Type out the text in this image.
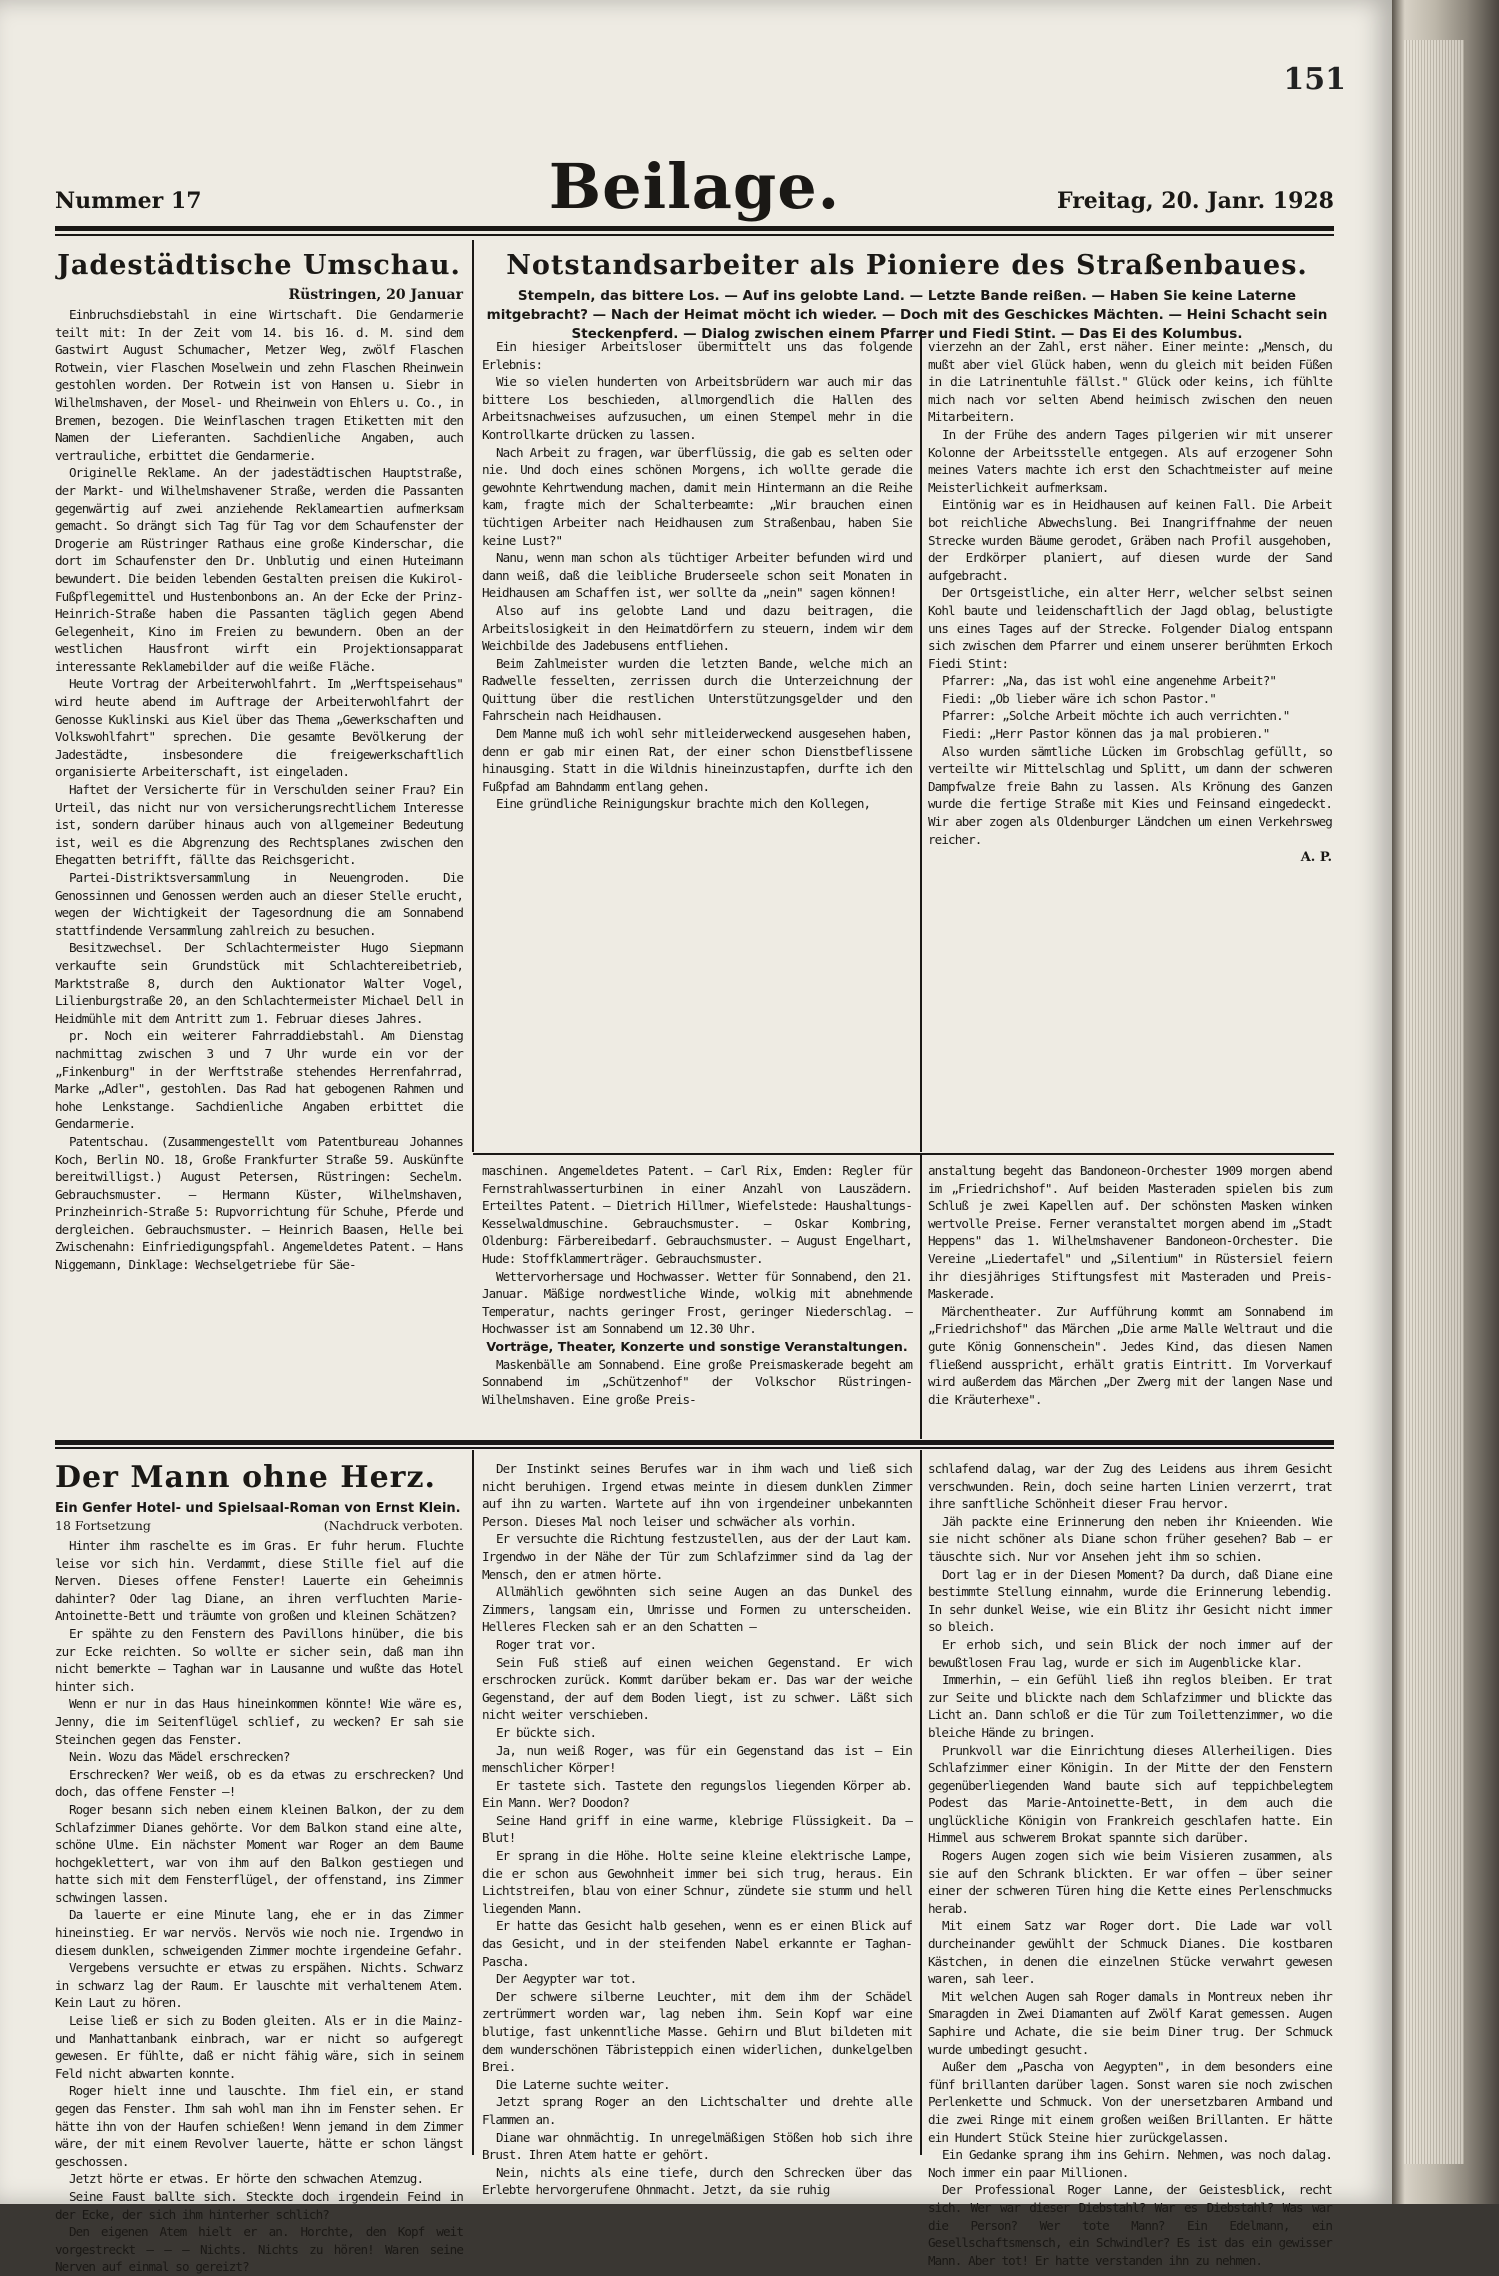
151
Nummer 17	Beilage.	Freitag, 20. Janr. 1928
Jadestädtische Umschau.
Rüstringen, 20 Januar

Einbruchsdiebstahl in eine Wirtschaft. Die Gendarmerie teilt mit: In der Zeit vom 14. bis 16. d. M. sind dem Gastwirt August Schumacher, Metzer Weg, zwölf Flaschen Rotwein, vier Flaschen Moselwein und zehn Flaschen Rheinwein gestohlen worden. Der Rotwein ist von Hansen u. Siebr in Wilhelmshaven, der Mosel- und Rheinwein von Ehlers u. Co., in Bremen, bezogen. Die Weinflaschen tragen Etiketten mit den Namen der Lieferanten. Sachdienliche Angaben, auch vertrauliche, erbittet die Gendarmerie.

Originelle Reklame. An der jadestädtischen Hauptstraße, der Markt- und Wilhelmshavener Straße, werden die Passanten gegenwärtig auf zwei anziehende Reklameartien aufmerksam gemacht. So drängt sich Tag für Tag vor dem Schaufenster der Drogerie am Rüstringer Rathaus eine große Kinderschar, die dort im Schaufenster den Dr. Unblutig und einen Huteimann bewundert. Die beiden lebenden Gestalten preisen die Kukirol-Fußpflegemittel und Hustenbonbons an. An der Ecke der Prinz-Heinrich-Straße haben die Passanten täglich gegen Abend Gelegenheit, Kino im Freien zu bewundern. Oben an der westlichen Hausfront wirft ein Projektionsapparat interessante Reklamebilder auf die weiße Fläche.

Heute Vortrag der Arbeiterwohlfahrt. Im „Werftspeisehaus" wird heute abend im Auftrage der Arbeiterwohlfahrt der Genosse Kuklinski aus Kiel über das Thema „Gewerkschaften und Volkswohlfahrt" sprechen. Die gesamte Bevölkerung der Jadestädte, insbesondere die freigewerkschaftlich organisierte Arbeiterschaft, ist eingeladen.

Haftet der Versicherte für in Verschulden seiner Frau? Ein Urteil, das nicht nur von versicherungsrechtlichem Interesse ist, sondern darüber hinaus auch von allgemeiner Bedeutung ist, weil es die Abgrenzung des Rechtsplanes zwischen den Ehegatten betrifft, fällte das Reichsgericht.

Partei-Distriktsversammlung in Neuengroden. Die Genossinnen und Genossen werden auch an dieser Stelle erucht, wegen der Wichtigkeit der Tagesordnung die am Sonnabend stattfindende Versammlung zahlreich zu besuchen.

Besitzwechsel. Der Schlachtermeister Hugo Siepmann verkaufte sein Grundstück mit Schlachtereibetrieb, Marktstraße 8, durch den Auktionator Walter Vogel, Lilienburgstraße 20, an den Schlachtermeister Michael Dell in Heidmühle mit dem Antritt zum 1. Februar dieses Jahres.

pr. Noch ein weiterer Fahrraddiebstahl. Am Dienstag nachmittag zwischen 3 und 7 Uhr wurde ein vor der „Finkenburg" in der Werftstraße stehendes Herrenfahrrad, Marke „Adler", gestohlen. Das Rad hat gebogenen Rahmen und hohe Lenkstange. Sachdienliche Angaben erbittet die Gendarmerie.

Patentschau. (Zusammengestellt vom Patentbureau Johannes Koch, Berlin NO. 18, Große Frankfurter Straße 59. Auskünfte bereitwilligst.) August Petersen, Rüstringen: Sechelm. Gebrauchsmuster. — Hermann Küster, Wilhelmshaven, Prinzheinrich-Straße 5: Rupvorrichtung für Schuhe, Pferde und dergleichen. Gebrauchsmuster. — Heinrich Baasen, Helle bei Zwischenahn: Einfriedigungspfahl. Angemeldetes Patent. — Hans Niggemann, Dinklage: Wechselgetriebe für Säe-

Notstandsarbeiter als Pioniere des Straßenbaues.
Stempeln, das bittere Los. — Auf ins gelobte Land. — Letzte Bande reißen. — Haben Sie keine Laterne mitgebracht? — Nach der Heimat möcht ich wieder. — Doch mit des Geschickes Mächten. — Heini Schacht sein Steckenpferd. — Dialog zwischen einem Pfarrer und Fiedi Stint. — Das Ei des Kolumbus.

Ein hiesiger Arbeitsloser übermittelt uns das folgende Erlebnis:

Wie so vielen hunderten von Arbeitsbrüdern war auch mir das bittere Los beschieden, allmorgendlich die Hallen des Arbeitsnachweises aufzusuchen, um einen Stempel mehr in die Kontrollkarte drücken zu lassen.

Nach Arbeit zu fragen, war überflüssig, die gab es selten oder nie. Und doch eines schönen Morgens, ich wollte gerade die gewohnte Kehrtwendung machen, damit mein Hintermann an die Reihe kam, fragte mich der Schalterbeamte: „Wir brauchen einen tüchtigen Arbeiter nach Heidhausen zum Straßenbau, haben Sie keine Lust?"

Nanu, wenn man schon als tüchtiger Arbeiter befunden wird und dann weiß, daß die leibliche Bruderseele schon seit Monaten in Heidhausen am Schaffen ist, wer sollte da „nein" sagen können!

Also auf ins gelobte Land und dazu beitragen, die Arbeitslosigkeit in den Heimatdörfern zu steuern, indem wir dem Weichbilde des Jadebusens entfliehen.

Beim Zahlmeister wurden die letzten Bande, welche mich an Radwelle fesselten, zerrissen durch die Unterzeichnung der Quittung über die restlichen Unterstützungsgelder und den Fahrschein nach Heidhausen.

Dem Manne muß ich wohl sehr mitleiderweckend ausgesehen haben, denn er gab mir einen Rat, der einer schon Dienstbeflissene hinausging. Statt in die Wildnis hineinzustapfen, durfte ich den Fußpfad am Bahndamm entlang gehen.

Eine gründliche Reinigungskur brachte mich den Kollegen,

vierzehn an der Zahl, erst näher. Einer meinte: „Mensch, du mußt aber viel Glück haben, wenn du gleich mit beiden Füßen in die Latrinentuhle fällst." Glück oder keins, ich fühlte mich nach vor selten Abend heimisch zwischen den neuen Mitarbeitern.

In der Frühe des andern Tages pilgerien wir mit unserer Kolonne der Arbeitsstelle entgegen. Als auf erzogener Sohn meines Vaters machte ich erst den Schachtmeister auf meine Meisterlichkeit aufmerksam.

Eintönig war es in Heidhausen auf keinen Fall. Die Arbeit bot reichliche Abwechslung. Bei Inangriffnahme der neuen Strecke wurden Bäume gerodet, Gräben nach Profil ausgehoben, der Erdkörper planiert, auf diesen wurde der Sand aufgebracht.

Der Ortsgeistliche, ein alter Herr, welcher selbst seinen Kohl baute und leidenschaftlich der Jagd oblag, belustigte uns eines Tages auf der Strecke. Folgender Dialog entspann sich zwischen dem Pfarrer und einem unserer berühmten Erkoch Fiedi Stint:

Pfarrer: „Na, das ist wohl eine angenehme Arbeit?"

Fiedi: „Ob lieber wäre ich schon Pastor."

Pfarrer: „Solche Arbeit möchte ich auch verrichten."

Fiedi: „Herr Pastor können das ja mal probieren."

Also wurden sämtliche Lücken im Grobschlag gefüllt, so verteilte wir Mittelschlag und Splitt, um dann der schweren Dampfwalze freie Bahn zu lassen. Als Krönung des Ganzen wurde die fertige Straße mit Kies und Feinsand eingedeckt. Wir aber zogen als Oldenburger Ländchen um einen Verkehrsweg reicher.

A. P.

maschinen. Angemeldetes Patent. — Carl Rix, Emden: Regler für Fernstrahlwasserturbinen in einer Anzahl von Lauszädern. Erteiltes Patent. — Dietrich Hillmer, Wiefelstede: Haushaltungs-Kesselwaldmuschine. Gebrauchsmuster. — Oskar Kombring, Oldenburg: Färbereibedarf. Gebrauchsmuster. — August Engelhart, Hude: Stoffklammerträger. Gebrauchsmuster.

Wettervorhersage und Hochwasser. Wetter für Sonnabend, den 21. Januar. Mäßige nordwestliche Winde, wolkig mit abnehmende Temperatur, nachts geringer Frost, geringer Niederschlag. — Hochwasser ist am Sonnabend um 12.30 Uhr.

Vorträge, Theater, Konzerte und sonstige Veranstaltungen.

Maskenbälle am Sonnabend. Eine große Preismaskerade begeht am Sonnabend im „Schützenhof" der Volkschor Rüstringen-Wilhelmshaven. Eine große Preis-

anstaltung begeht das Bandoneon-Orchester 1909 morgen abend im „Friedrichshof". Auf beiden Masteraden spielen bis zum Schluß je zwei Kapellen auf. Der schönsten Masken winken wertvolle Preise. Ferner veranstaltet morgen abend im „Stadt Heppens" das 1. Wilhelmshavener Bandoneon-Orchester. Die Vereine „Liedertafel" und „Silentium" in Rüstersiel feiern ihr diesjähriges Stiftungsfest mit Masteraden und Preis-Maskerade.

Märchentheater. Zur Aufführung kommt am Sonnabend im „Friedrichshof" das Märchen „Die arme Malle Weltraut und die gute König Gonnenschein". Jedes Kind, das diesen Namen fließend ausspricht, erhält gratis Eintritt. Im Vorverkauf wird außerdem das Märchen „Der Zwerg mit der langen Nase und die Kräuterhexe".

Der Mann ohne Herz.
Ein Genfer Hotel- und Spielsaal-Roman von Ernst Klein.
18 Fortsetzung	(Nachdruck verboten.

Hinter ihm raschelte es im Gras. Er fuhr herum. Fluchte leise vor sich hin. Verdammt, diese Stille fiel auf die Nerven. Dieses offene Fenster! Lauerte ein Geheimnis dahinter? Oder lag Diane, an ihren verfluchten Marie-Antoinette-Bett und träumte von großen und kleinen Schätzen?

Er spähte zu den Fenstern des Pavillons hinüber, die bis zur Ecke reichten. So wollte er sicher sein, daß man ihn nicht bemerkte — Taghan war in Lausanne und wußte das Hotel hinter sich.

Wenn er nur in das Haus hineinkommen könnte! Wie wäre es, Jenny, die im Seitenflügel schlief, zu wecken? Er sah sie Steinchen gegen das Fenster.

Nein. Wozu das Mädel erschrecken?

Erschrecken? Wer weiß, ob es da etwas zu erschrecken? Und doch, das offene Fenster —!

Roger besann sich neben einem kleinen Balkon, der zu dem Schlafzimmer Dianes gehörte. Vor dem Balkon stand eine alte, schöne Ulme. Ein nächster Moment war Roger an dem Baume hochgeklettert, war von ihm auf den Balkon gestiegen und hatte sich mit dem Fensterflügel, der offenstand, ins Zimmer schwingen lassen.

Da lauerte er eine Minute lang, ehe er in das Zimmer hineinstieg. Er war nervös. Nervös wie noch nie. Irgendwo in diesem dunklen, schweigenden Zimmer mochte irgendeine Gefahr.

Vergebens versuchte er etwas zu erspähen. Nichts. Schwarz in schwarz lag der Raum. Er lauschte mit verhaltenem Atem. Kein Laut zu hören.

Leise ließ er sich zu Boden gleiten. Als er in die Mainz- und Manhattanbank einbrach, war er nicht so aufgeregt gewesen. Er fühlte, daß er nicht fähig wäre, sich in seinem Feld nicht abwarten konnte.

Roger hielt inne und lauschte. Ihm fiel ein, er stand gegen das Fenster. Ihm sah wohl man ihn im Fenster sehen. Er hätte ihn von der Haufen schießen! Wenn jemand in dem Zimmer wäre, der mit einem Revolver lauerte, hätte er schon längst geschossen.

Jetzt hörte er etwas. Er hörte den schwachen Atemzug.

Seine Faust ballte sich. Steckte doch irgendein Feind in der Ecke, der sich ihm hinterher schlich?

Den eigenen Atem hielt er an. Horchte, den Kopf weit vorgestreckt — — — Nichts. Nichts zu hören! Waren seine Nerven auf einmal so gereizt?

Der Instinkt seines Berufes war in ihm wach und ließ sich nicht beruhigen. Irgend etwas meinte in diesem dunklen Zimmer auf ihn zu warten. Wartete auf ihn von irgendeiner unbekannten Person. Dieses Mal noch leiser und schwächer als vorhin.

Er versuchte die Richtung festzustellen, aus der der Laut kam. Irgendwo in der Nähe der Tür zum Schlafzimmer sind da lag der Mensch, den er atmen hörte.

Allmählich gewöhnten sich seine Augen an das Dunkel des Zimmers, langsam ein, Umrisse und Formen zu unterscheiden. Helleres Flecken sah er an den Schatten —

Roger trat vor.

Sein Fuß stieß auf einen weichen Gegenstand. Er wich erschrocken zurück. Kommt darüber bekam er. Das war der weiche Gegenstand, der auf dem Boden liegt, ist zu schwer. Läßt sich nicht weiter verschieben.

Er bückte sich.

Ja, nun weiß Roger, was für ein Gegenstand das ist — Ein menschlicher Körper!

Er tastete sich. Tastete den regungslos liegenden Körper ab. Ein Mann. Wer? Doodon?

Seine Hand griff in eine warme, klebrige Flüssigkeit. Da — Blut!

Er sprang in die Höhe. Holte seine kleine elektrische Lampe, die er schon aus Gewohnheit immer bei sich trug, heraus. Ein Lichtstreifen, blau von einer Schnur, zündete sie stumm und hell liegenden Mann.

Er hatte das Gesicht halb gesehen, wenn es er einen Blick auf das Gesicht, und in der steifenden Nabel erkannte er Taghan-Pascha.

Der Aegypter war tot.

Der schwere silberne Leuchter, mit dem ihm der Schädel zertrümmert worden war, lag neben ihm. Sein Kopf war eine blutige, fast unkenntliche Masse. Gehirn und Blut bildeten mit dem wunderschönen Täbristeppich einen widerlichen, dunkelgelben Brei.

Die Laterne suchte weiter.

Jetzt sprang Roger an den Lichtschalter und drehte alle Flammen an.

Diane war ohnmächtig. In unregelmäßigen Stößen hob sich ihre Brust. Ihren Atem hatte er gehört.

Nein, nichts als eine tiefe, durch den Schrecken über das Erlebte hervorgerufene Ohnmacht. Jetzt, da sie ruhig

schlafend dalag, war der Zug des Leidens aus ihrem Gesicht verschwunden. Rein, doch seine harten Linien verzerrt, trat ihre sanftliche Schönheit dieser Frau hervor.

Jäh packte eine Erinnerung den neben ihr Knieenden. Wie sie nicht schöner als Diane schon früher gesehen? Bab — er täuschte sich. Nur vor Ansehen jeht ihm so schien.

Dort lag er in der Diesen Moment? Da durch, daß Diane eine bestimmte Stellung einnahm, wurde die Erinnerung lebendig. In sehr dunkel Weise, wie ein Blitz ihr Gesicht nicht immer so bleich.

Er erhob sich, und sein Blick der noch immer auf der bewußtlosen Frau lag, wurde er sich im Augenblicke klar.

Immerhin, — ein Gefühl ließ ihn reglos bleiben. Er trat zur Seite und blickte nach dem Schlafzimmer und blickte das Licht an. Dann schloß er die Tür zum Toilettenzimmer, wo die bleiche Hände zu bringen.

Prunkvoll war die Einrichtung dieses Allerheiligen. Dies Schlafzimmer einer Königin. In der Mitte der den Fenstern gegenüberliegenden Wand baute sich auf teppichbelegtem Podest das Marie-Antoinette-Bett, in dem auch die unglückliche Königin von Frankreich geschlafen hatte. Ein Himmel aus schwerem Brokat spannte sich darüber.

Rogers Augen zogen sich wie beim Visieren zusammen, als sie auf den Schrank blickten. Er war offen — über seiner einer der schweren Türen hing die Kette eines Perlenschmucks herab.

Mit einem Satz war Roger dort. Die Lade war voll durcheinander gewühlt der Schmuck Dianes. Die kostbaren Kästchen, in denen die einzelnen Stücke verwahrt gewesen waren, sah leer.

Mit welchen Augen sah Roger damals in Montreux neben ihr Smaragden in Zwei Diamanten auf Zwölf Karat gemessen. Augen Saphire und Achate, die sie beim Diner trug. Der Schmuck wurde umbedingt gesucht.

Außer dem „Pascha von Aegypten", in dem besonders eine fünf brillanten darüber lagen. Sonst waren sie noch zwischen Perlenkette und Schmuck. Von der unersetzbaren Armband und die zwei Ringe mit einem großen weißen Brillanten. Er hätte ein Hundert Stück Steine hier zurückgelassen.

Ein Gedanke sprang ihm ins Gehirn. Nehmen, was noch dalag. Noch immer ein paar Millionen.

Der Professional Roger Lanne, der Geistesblick, recht sich. Wer war dieser Diebstahl? War es Diebstahl? Was war die Person? Wer tote Mann? Ein Edelmann, ein Gesellschaftsmensch, ein Schwindler? Es ist das ein gewisser Mann. Aber tot! Er hatte verstanden ihn zu nehmen.
